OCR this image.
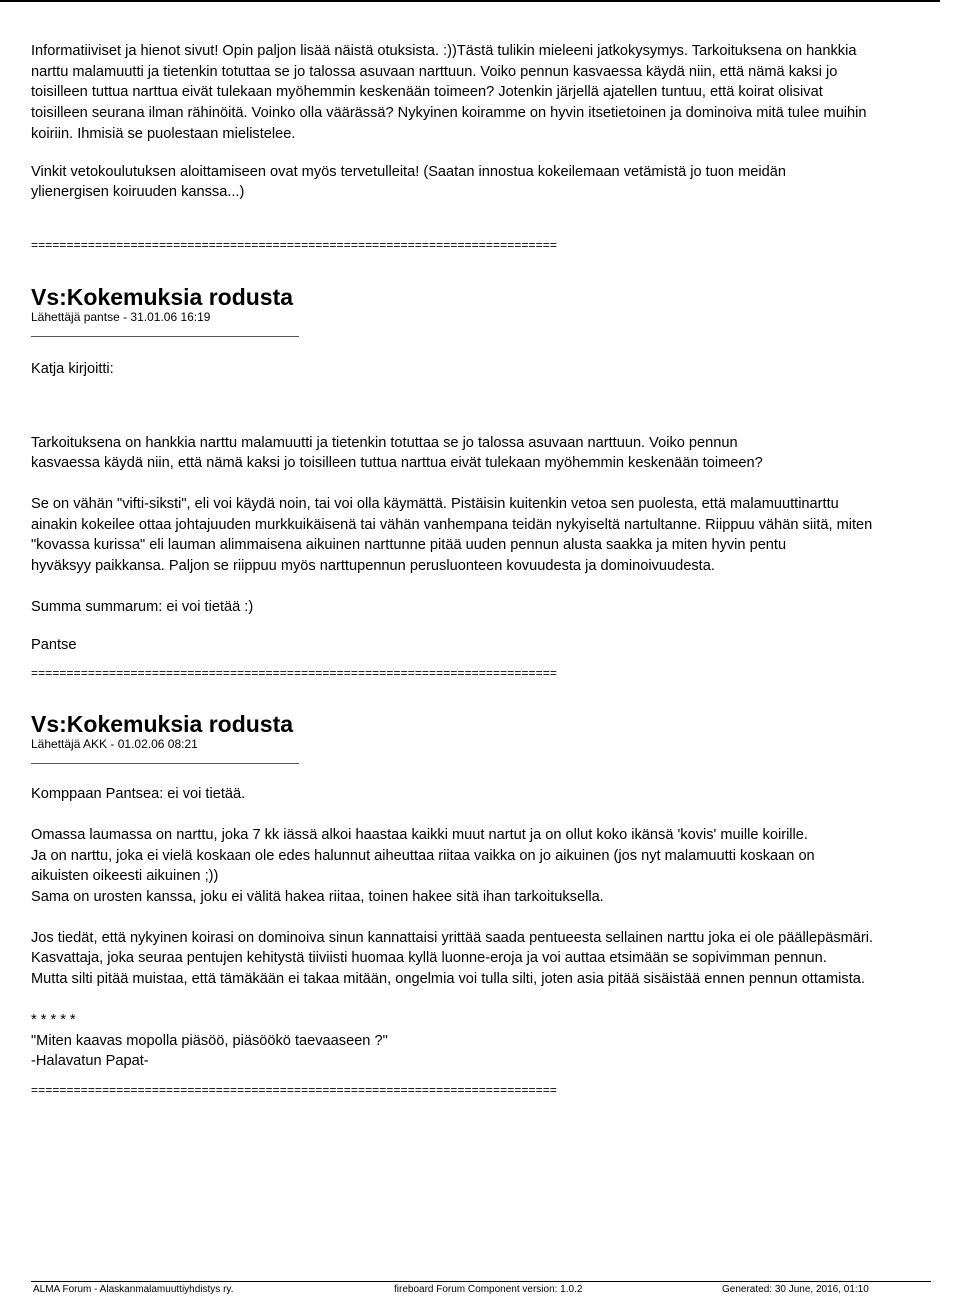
Informatiiviset ja hienot sivut! Opin paljon lisää näistä otuksista. :))Tästä tulikin mieleeni jatkokysymys. Tarkoituksena on hankkia

narttu malamuutti ja tietenkin totuttaa se jo talossa asuvaan narttuun. Voiko pennun kasvaessa käydä niin, että nämä kaksi jo

toisilleen tuttua narttua eivät tulekaan myöhemmin keskenään toimeen? Jotenkin järjellä ajatellen tuntuu, että koirat olisivat

toisilleen seurana ilman rähinöitä. Voinko olla väärässä? Nykyinen koiramme on hyvin itsetietoinen ja dominoiva mitä tulee muihin

koiriin. Ihmisiä se puolestaan mielistelee.

Vinkit vetokoulutuksen aloittamiseen ovat myös tervetulleita! (Saatan innostua kokeilemaan vetämistä jo tuon meidän

ylienergisen koiruuden kanssa...)

==========================================================================

Vs:Kokemuksia rodusta

Lähettäjä pantse - 31.01.06 16:19

Katja kirjoitti:

Tarkoituksena on hankkia narttu malamuutti ja tietenkin totuttaa se jo talossa asuvaan narttuun. Voiko pennun

kasvaessa käydä niin, että nämä kaksi jo toisilleen tuttua narttua eivät tulekaan myöhemmin keskenään toimeen?

Se on vähän "vifti-siksti", eli voi käydä noin, tai voi olla käymättä. Pistäisin kuitenkin vetoa sen puolesta, että malamuuttinarttu

ainakin kokeilee ottaa johtajuuden murkkuikäisenä tai vähän vanhempana teidän nykyiseltä nartultanne. Riippuu vähän siitä, miten

"kovassa kurissa" eli lauman alimmaisena aikuinen narttunne pitää uuden pennun alusta saakka ja miten hyvin pentu

hyväksyy paikkansa. Paljon se riippuu myös narttupennun perusluonteen kovuudesta ja dominoivuudesta.

Summa summarum: ei voi tietää :)

Pantse

==========================================================================

Vs:Kokemuksia rodusta

Lähettäjä AKK - 01.02.06 08:21

Komppaan Pantsea: ei voi tietää.

Omassa laumassa on narttu, joka 7 kk iässä alkoi haastaa kaikki muut nartut ja on ollut koko ikänsä 'kovis' muille koirille.

Ja on narttu, joka ei vielä koskaan ole edes halunnut aiheuttaa riitaa vaikka on jo aikuinen (jos nyt malamuutti koskaan on

aikuisten oikeesti aikuinen ;))

Sama on urosten kanssa, joku ei välitä hakea riitaa, toinen hakee sitä ihan tarkoituksella.

Jos tiedät, että nykyinen koirasi on dominoiva sinun kannattaisi yrittää saada pentueesta sellainen narttu joka ei ole päällepäsmäri.

Kasvattaja, joka seuraa pentujen kehitystä tiiviisti huomaa kyllä luonne-eroja ja voi auttaa etsimään se sopivimman pennun.

Mutta silti pitää muistaa, että tämäkään ei takaa mitään, ongelmia voi tulla silti, joten asia pitää sisäistää ennen pennun ottamista.

* * * * *

"Miten kaavas mopolla piäsöö, piäsöökö taevaaseen ?"

-Halavatun Papat-

==========================================================================

ALMA Forum - Alaskanmalamuuttiyhdistys ry.	fireboard Forum Component version: 1.0.2	Generated: 30 June, 2016, 01:10
